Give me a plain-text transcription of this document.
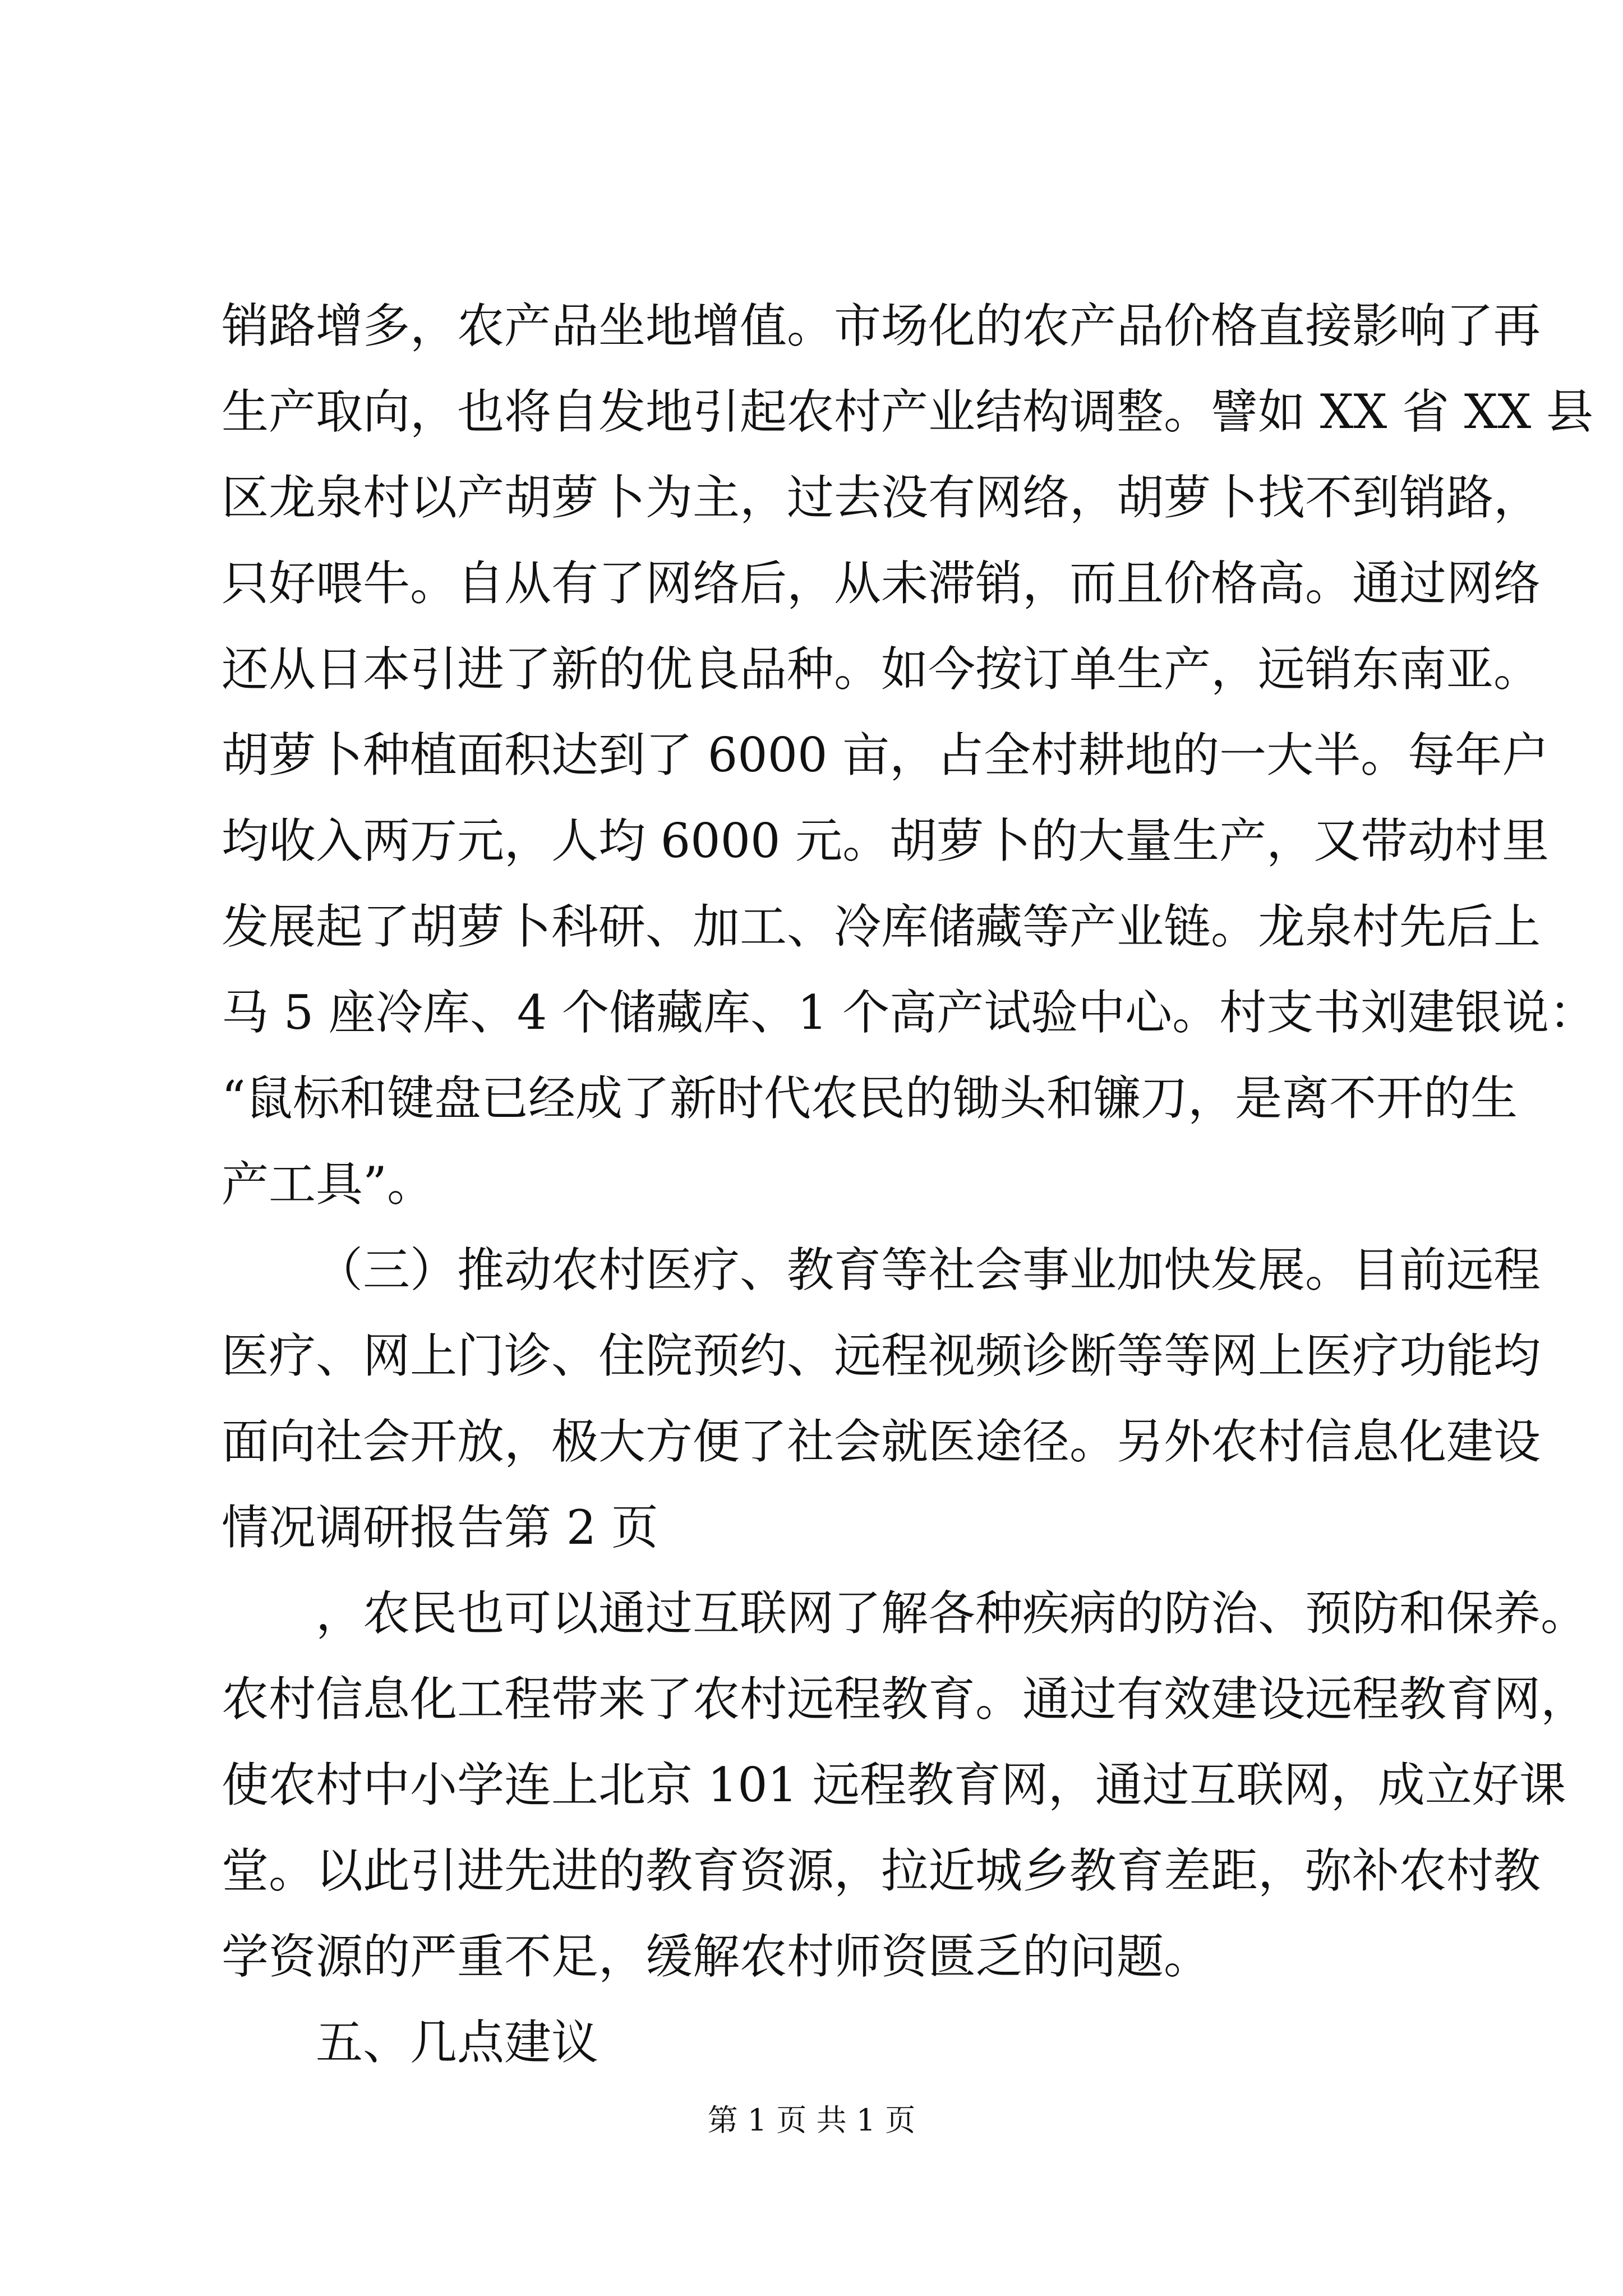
销路增多，农产品坐地增值。市场化的农产品价格直接影响了再
生产取向，也将自发地引起农村产业结构调整。譬如 XX 省 XX 县
区龙泉村以产胡萝卜为主，过去没有网络，胡萝卜找不到销路，
只好喂牛。自从有了网络后，从未滞销，而且价格高。通过网络
还从日本引进了新的优良品种。如今按订单生产，远销东南亚。
胡萝卜种植面积达到了 6000 亩，占全村耕地的一大半。每年户
均收入两万元，人均 6000 元。胡萝卜的大量生产，又带动村里
发展起了胡萝卜科研、加工、冷库储藏等产业链。龙泉村先后上
马 5 座冷库、4 个储藏库、1 个高产试验中心。村支书刘建银说：
“鼠标和键盘已经成了新时代农民的锄头和镰刀，是离不开的生
产工具”。
（三）推动农村医疗、教育等社会事业加快发展。目前远程
医疗、网上门诊、住院预约、远程视频诊断等等网上医疗功能均
面向社会开放，极大方便了社会就医途径。另外农村信息化建设
情况调研报告第 2 页
，农民也可以通过互联网了解各种疾病的防治、预防和保养。
农村信息化工程带来了农村远程教育。通过有效建设远程教育网，
使农村中小学连上北京 101 远程教育网，通过互联网，成立好课
堂。以此引进先进的教育资源，拉近城乡教育差距，弥补农村教
学资源的严重不足，缓解农村师资匮乏的问题。
五、几点建议
第 1 页 共 1 页
